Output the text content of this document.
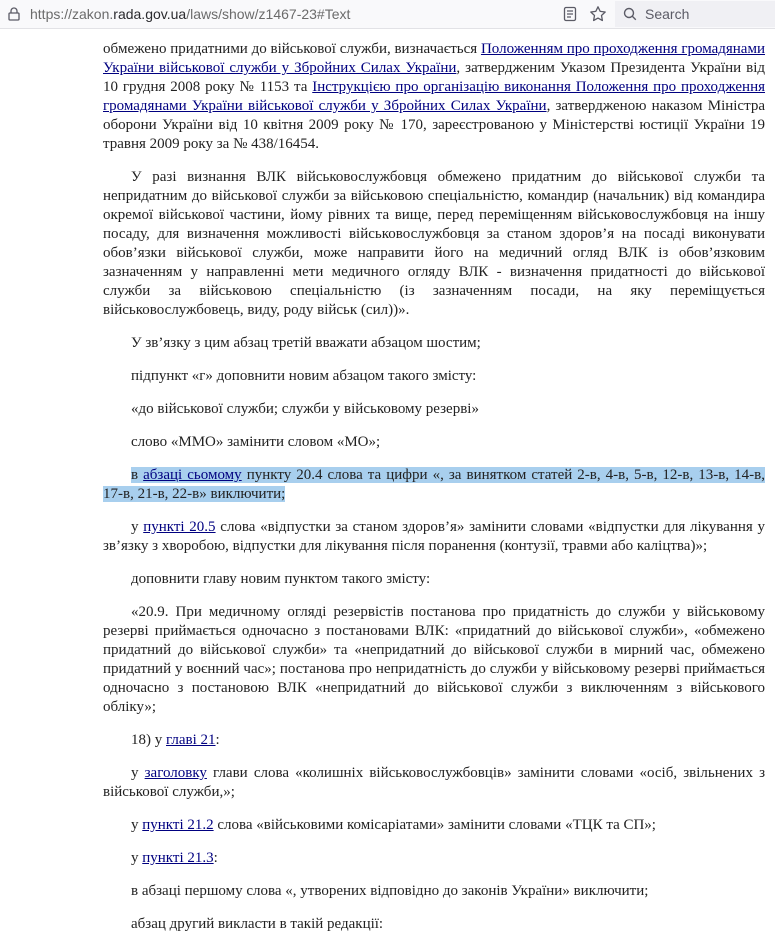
https://zakon.rada.gov.ua/laws/show/z1467-23#Text	Search

обмежено придатними до військової служби, визначається Положенням про проходження громадянами України військової служби у Збройних Силах України, затвердженим Указом Президента України від 10 грудня 2008 року № 1153 та Інструкцією про організацію виконання Положення про проходження громадянами України військової служби у Збройних Силах України, затвердженою наказом Міністра оборони України від 10 квітня 2009 року № 170, зареєстрованою у Міністерстві юстиції України 19 травня 2009 року за № 438/16454.

У разі визнання ВЛК військовослужбовця обмежено придатним до військової служби та непридатним до військової служби за військовою спеціальністю, командир (начальник) від командира окремої військової частини, йому рівних та вище, перед переміщенням військовослужбовця на іншу посаду, для визначення можливості військовослужбовця за станом здоров’я на посаді виконувати обов’язки військової служби, може направити його на медичний огляд ВЛК із обов’язковим зазначенням у направленні мети медичного огляду ВЛК - визначення придатності до військової служби за військовою спеціальністю (із зазначенням посади, на яку переміщується військовослужбовець, виду, роду військ (сил))».

У зв’язку з цим абзац третій вважати абзацом шостим;

підпункт «г» доповнити новим абзацом такого змісту:

«до військової служби; служби у військовому резерві»

слово «ММО» замінити словом «МО»;

в абзаці сьомому пункту 20.4 слова та цифри «, за винятком статей 2-в, 4-в, 5-в, 12-в, 13-в, 14-в, 17-в, 21-в, 22-в» виключити;

у пункті 20.5 слова «відпустки за станом здоров’я» замінити словами «відпустки для лікування у зв’язку з хворобою, відпустки для лікування після поранення (контузії, травми або каліцтва)»;

доповнити главу новим пунктом такого змісту:

«20.9. При медичному огляді резервістів постанова про придатність до служби у військовому резерві приймається одночасно з постановами ВЛК: «придатний до військової служби», «обмежено придатний до військової служби» та «непридатний до військової служби в мирний час, обмежено придатний у воєнний час»; постанова про непридатність до служби у військовому резерві приймається одночасно з постановою ВЛК «непридатний до військової служби з виключенням з військового обліку»;

18) у главі 21:

у заголовку глави слова «колишніх військовослужбовців» замінити словами «осіб, звільнених з військової служби,»;

у пункті 21.2 слова «військовими комісаріатами» замінити словами «ТЦК та СП»;

у пункті 21.3:

в абзаці першому слова «, утворених відповідно до законів України» виключити;

абзац другий викласти в такій редакції:
